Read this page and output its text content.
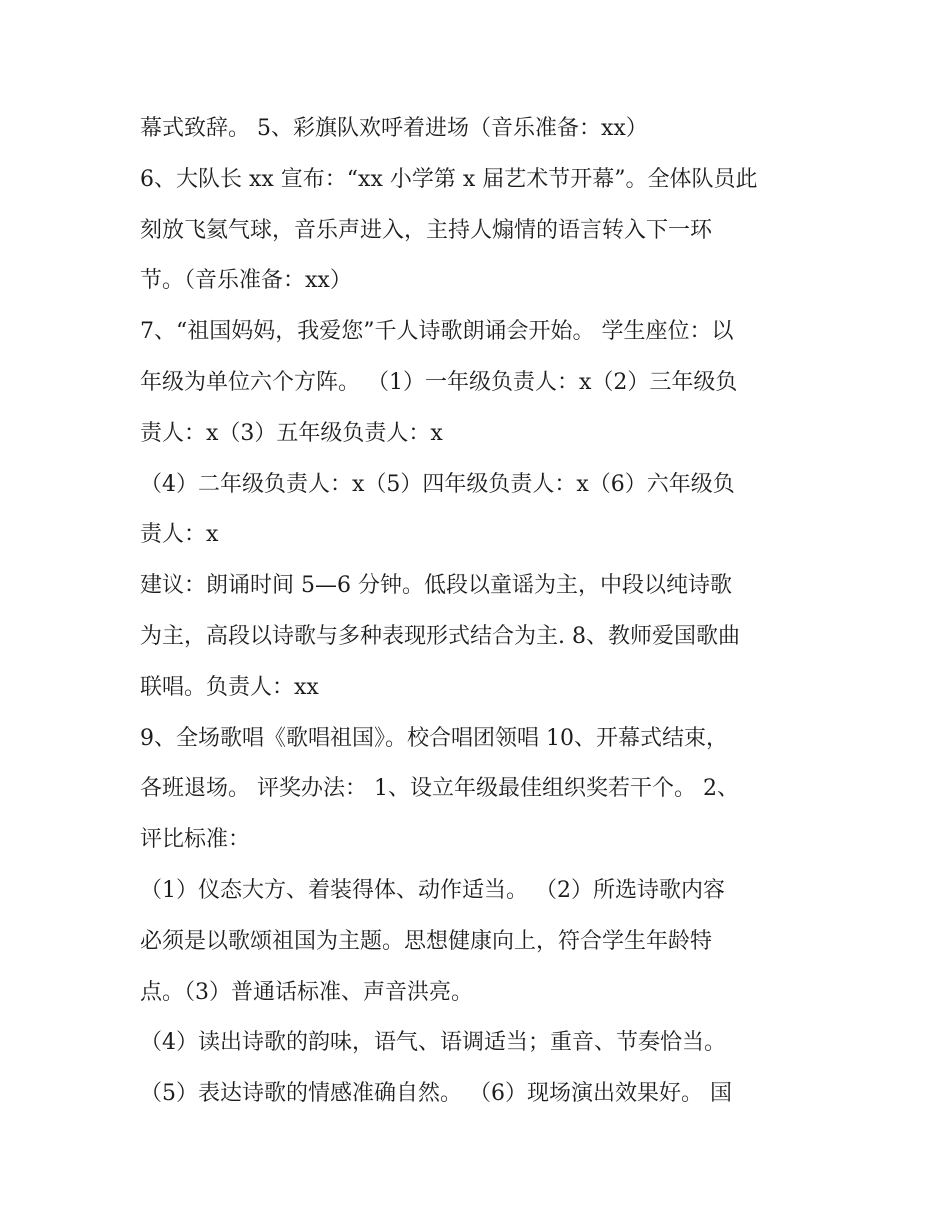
幕式致辞。 5、彩旗队欢呼着进场（音乐准备：xx）
6、大队长 xx 宣布：“xx 小学第 x 届艺术节开幕”。全体队员此
刻放飞氦气球，音乐声进入，主持人煽情的语言转入下一环
节。（音乐准备：xx）
7、“祖国妈妈，我爱您”千人诗歌朗诵会开始。 学生座位：以
年级为单位六个方阵。 （1）一年级负责人：x（2）三年级负
责人：x（3）五年级负责人：x
（4）二年级负责人：x（5）四年级负责人：x（6）六年级负
责人：x
建议：朗诵时间 5—6 分钟。低段以童谣为主，中段以纯诗歌
为主，高段以诗歌与多种表现形式结合为主. 8、教师爱国歌曲
联唱。负责人：xx
9、全场歌唱《歌唱祖国》。校合唱团领唱 10、开幕式结束，
各班退场。 评奖办法： 1、设立年级最佳组织奖若干个。 2、
评比标准：
（1）仪态大方、着装得体、动作适当。 （2）所选诗歌内容
必须是以歌颂祖国为主题。思想健康向上，符合学生年龄特
点。（3）普通话标准、声音洪亮。
（4）读出诗歌的韵味，语气、语调适当；重音、节奏恰当。
（5）表达诗歌的情感准确自然。 （6）现场演出效果好。 国
